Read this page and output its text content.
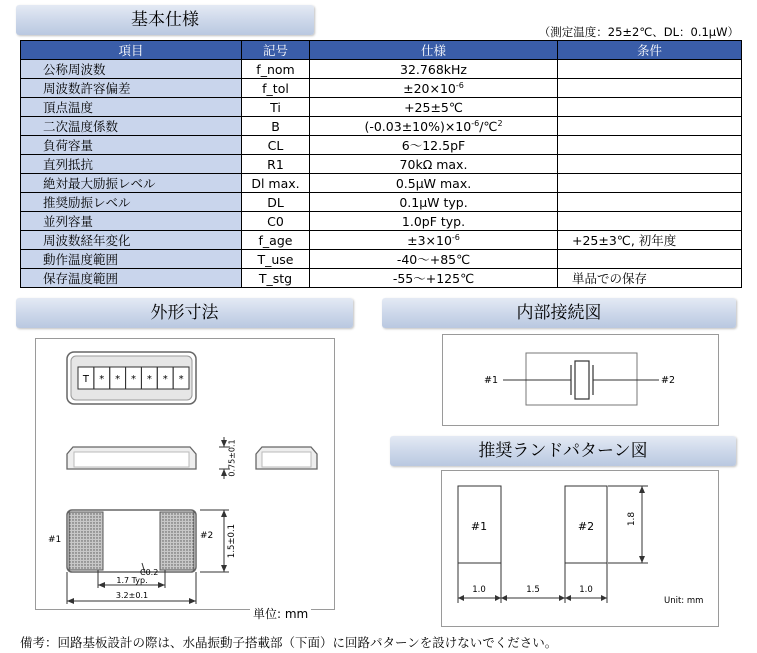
基本仕様
（測定温度：25±2℃、DL：0.1μW）
項目	記号	仕様	条件
公称周波数	f_nom	32.768kHz	
周波数許容偏差	f_tol	$\pm 20\times 10^{-6}$	
頂点温度	Ti	+25±5℃	
二次温度係数	B	$(-0.03\pm 10\%)\times 10^{-6}/℃^2$	
負荷容量	CL	6～12.5pF	
直列抵抗	R1	70kΩ max.	
絶対最大励振レベル	Dl max.	0.5μW max.	
推奨励振レベル	DL	0.1μW typ.	
並列容量	C0	1.0pF typ.	
周波数経年変化	f_age	$\pm 3\times 10^{-6}$	+25±3℃, 初年度
動作温度範囲	T_use	-40～+85℃	
保存温度範囲	T_stg	-55～+125℃	単品での保存
外形寸法	内部接続図
推奨ランドパターン図
T * * * * * *
0.75±0.1
#1	#2 1.5±0.1
C0.2
1.7 Typ.
3.2±0.1
単位: mm
#1	#2
#1	#2
1.8
1.0	1.5	1.0
Unit: mm
備考：回路基板設計の際は、水晶振動子搭載部（下面）に回路パターンを設けないでください。
